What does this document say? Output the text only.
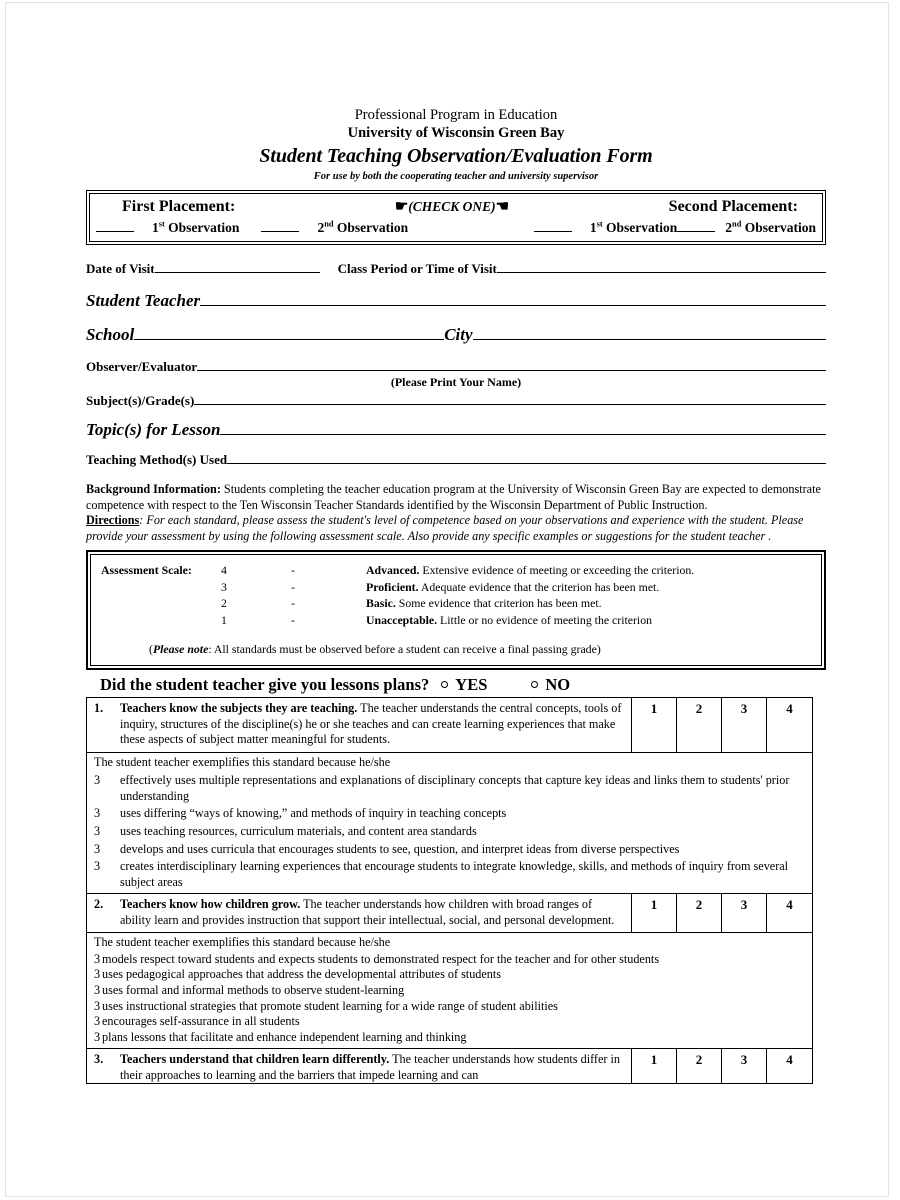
Professional Program in Education
University of Wisconsin Green Bay
Student Teaching Observation/Evaluation Form
For use by both the cooperating teacher and university supervisor
First Placement:	☛(CHECK ONE)☚	Second Placement:
1st Observation	2nd Observation	1st Observation	2nd Observation
Date of Visit	Class Period or Time of Visit
Student Teacher
School	City
Observer/Evaluator
(Please Print Your Name)
Subject(s)/Grade(s)
Topic(s) for Lesson
Teaching Method(s) Used

Background Information: Students completing the teacher education program at the University of Wisconsin Green Bay are expected to demonstrate competence with respect to the Ten Wisconsin Teacher Standards identified by the Wisconsin Department of Public Instruction.

Directions: For each standard, please assess the student's level of competence based on your observations and experience with the student. Please provide your assessment by using the following assessment scale. Also provide any specific examples or suggestions for the student teacher .

Assessment Scale:	4	-	Advanced. Extensive evidence of meeting or exceeding the criterion.
3	-	Proficient. Adequate evidence that the criterion has been met.
2	-	Basic. Some evidence that criterion has been met.
1	-	Unacceptable. Little or no evidence of meeting the criterion
(Please note: All standards must be observed before a student can receive a final passing grade)
Did the student teacher give you lessons plans? YES	NO
1.	Teachers know the subjects they are teaching. The teacher understands the central concepts, tools of inquiry, structures of the discipline(s) he or she teaches and can create learning experiences that make these aspects of subject matter meaningful for students.
1	2	3	4
The student teacher exemplifies this standard because he/she
3	effectively uses multiple representations and explanations of disciplinary concepts that capture key ideas and links them to students' prior understanding
3	uses differing “ways of knowing,” and methods of inquiry in teaching concepts
3	uses teaching resources, curriculum materials, and content area standards
3	develops and uses curricula that encourages students to see, question, and interpret ideas from diverse perspectives
3	creates interdisciplinary learning experiences that encourage students to integrate knowledge, skills, and methods of inquiry from several subject areas
2.	Teachers know how children grow. The teacher understands how children with broad ranges of ability learn and provides instruction that support their intellectual, social, and personal development.
1	2	3	4
The student teacher exemplifies this standard because he/she
3 models respect toward students and expects students to demonstrated respect for the teacher and for other students
3 uses pedagogical approaches that address the developmental attributes of students
3 uses formal and informal methods to observe student-learning
3 uses instructional strategies that promote student learning for a wide range of student abilities
3 encourages self-assurance in all students
3 plans lessons that facilitate and enhance independent learning and thinking
3.	Teachers understand that children learn differently. The teacher understands how students differ in their approaches to learning and the barriers that impede learning and can
1	2	3	4
